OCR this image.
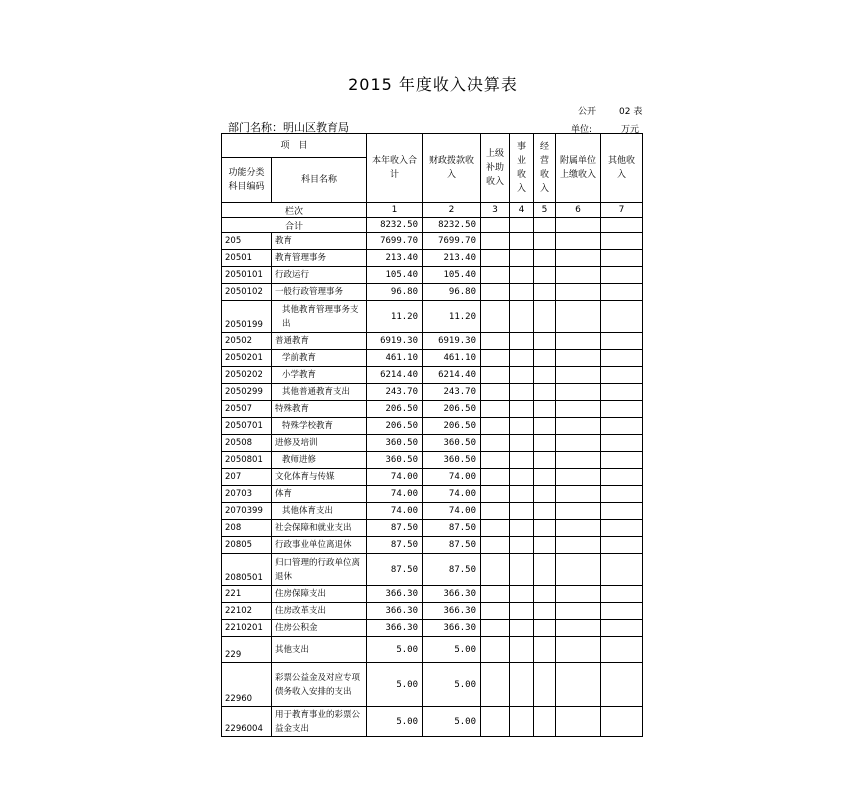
2015 年度收入决算表
公开	02 表
单位:	万元
部门名称：明山区教育局
项　目		本年收入合计	财政拨款收入	上级补助收入	事业收入	经营收入	附属单位上缴收入	其他收入
功能分类科目编码	科目名称							
栏次		1	2	3	4	5	6	7
合计		8232.50	8232.50					
205	教育	7699.70	7699.70					
20501	教育管理事务	213.40	213.40					
2050101	行政运行	105.40	105.40					
2050102	一般行政管理事务	96.80	96.80					
2050199	其他教育管理事务支出	11.20	11.20					
20502	普通教育	6919.30	6919.30					
2050201	学前教育	461.10	461.10					
2050202	小学教育	6214.40	6214.40					
2050299	其他普通教育支出	243.70	243.70					
20507	特殊教育	206.50	206.50					
2050701	特殊学校教育	206.50	206.50					
20508	进修及培训	360.50	360.50					
2050801	教师进修	360.50	360.50					
207	文化体育与传媒	74.00	74.00					
20703	体育	74.00	74.00					
2070399	其他体育支出	74.00	74.00					
208	社会保障和就业支出	87.50	87.50					
20805	行政事业单位离退休	87.50	87.50					
2080501	归口管理的行政单位离退休	87.50	87.50					
221	住房保障支出	366.30	366.30					
22102	住房改革支出	366.30	366.30					
2210201	住房公积金	366.30	366.30					
229	其他支出	5.00	5.00					
22960	彩票公益金及对应专项债务收入安排的支出	5.00	5.00					
2296004	用于教育事业的彩票公益金支出	5.00	5.00					
